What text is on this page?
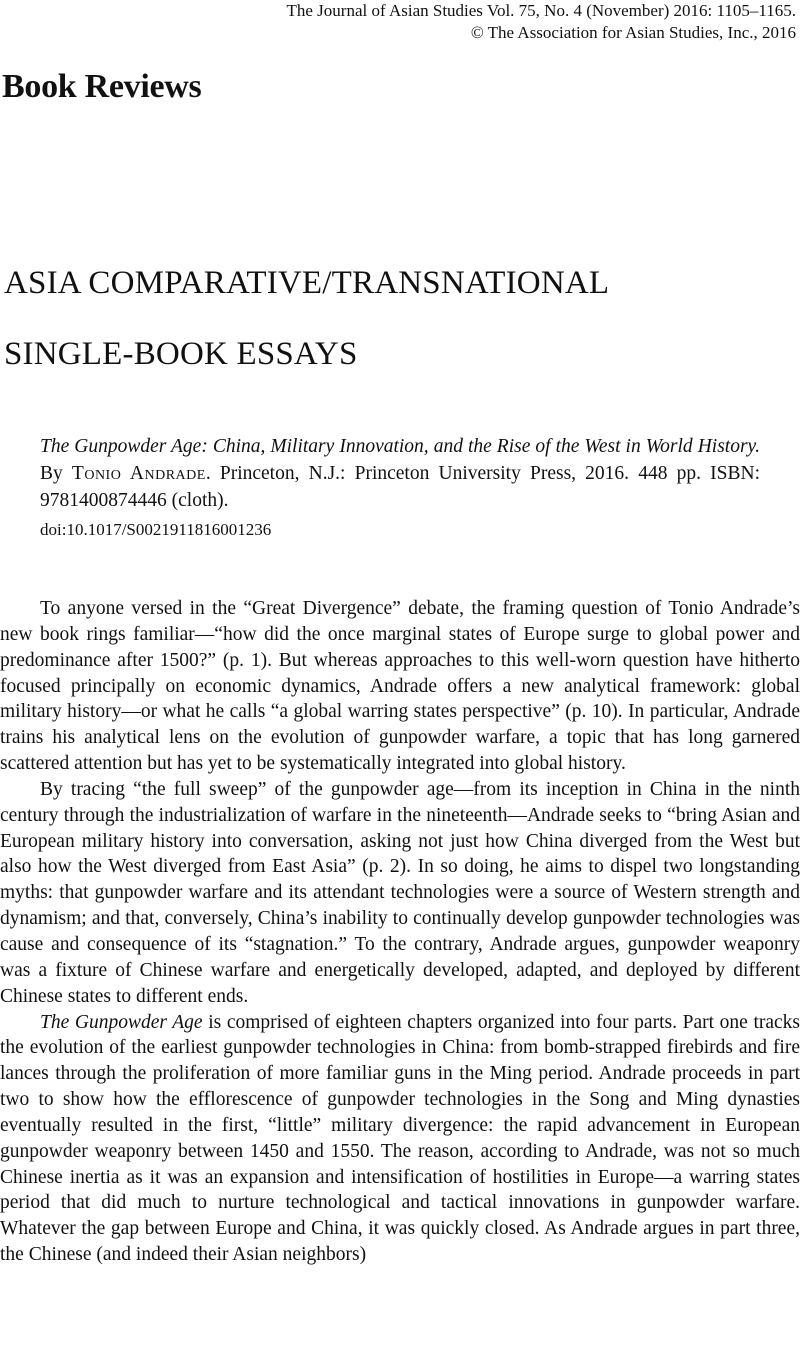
The Journal of Asian Studies Vol. 75, No. 4 (November) 2016: 1105–1165.
© The Association for Asian Studies, Inc., 2016
Book Reviews
ASIA COMPARATIVE/TRANSNATIONAL
SINGLE-BOOK ESSAYS
The Gunpowder Age: China, Military Innovation, and the Rise of the West in World History. By Tonio Andrade. Princeton, N.J.: Princeton University Press, 2016. 448 pp. ISBN: 9781400874446 (cloth).
doi:10.1017/S0021911816001236

To anyone versed in the “Great Divergence” debate, the framing question of Tonio Andrade’s new book rings familiar—“how did the once marginal states of Europe surge to global power and predominance after 1500?” (p. 1). But whereas approaches to this well-worn question have hitherto focused principally on economic dynamics, Andrade offers a new analytical framework: global military history—or what he calls “a global warring states perspective” (p. 10). In particular, Andrade trains his analytical lens on the evolution of gunpowder warfare, a topic that has long garnered scattered attention but has yet to be systematically integrated into global history.

By tracing “the full sweep” of the gunpowder age—from its inception in China in the ninth century through the industrialization of warfare in the nineteenth—Andrade seeks to “bring Asian and European military history into conversation, asking not just how China diverged from the West but also how the West diverged from East Asia” (p. 2). In so doing, he aims to dispel two longstanding myths: that gunpowder warfare and its attendant technologies were a source of Western strength and dynamism; and that, conversely, China’s inability to continually develop gunpowder technologies was cause and consequence of its “stagnation.” To the contrary, Andrade argues, gunpowder weaponry was a fixture of Chinese warfare and energetically developed, adapted, and deployed by different Chinese states to different ends.

The Gunpowder Age is comprised of eighteen chapters organized into four parts. Part one tracks the evolution of the earliest gunpowder technologies in China: from bomb-strapped firebirds and fire lances through the proliferation of more familiar guns in the Ming period. Andrade proceeds in part two to show how the efflorescence of gunpowder technologies in the Song and Ming dynasties eventually resulted in the first, “little” military divergence: the rapid advancement in European gunpowder weaponry between 1450 and 1550. The reason, according to Andrade, was not so much Chinese inertia as it was an expansion and intensification of hostilities in Europe—a warring states period that did much to nurture technological and tactical innovations in gunpowder warfare. Whatever the gap between Europe and China, it was quickly closed. As Andrade argues in part three, the Chinese (and indeed their Asian neighbors)
